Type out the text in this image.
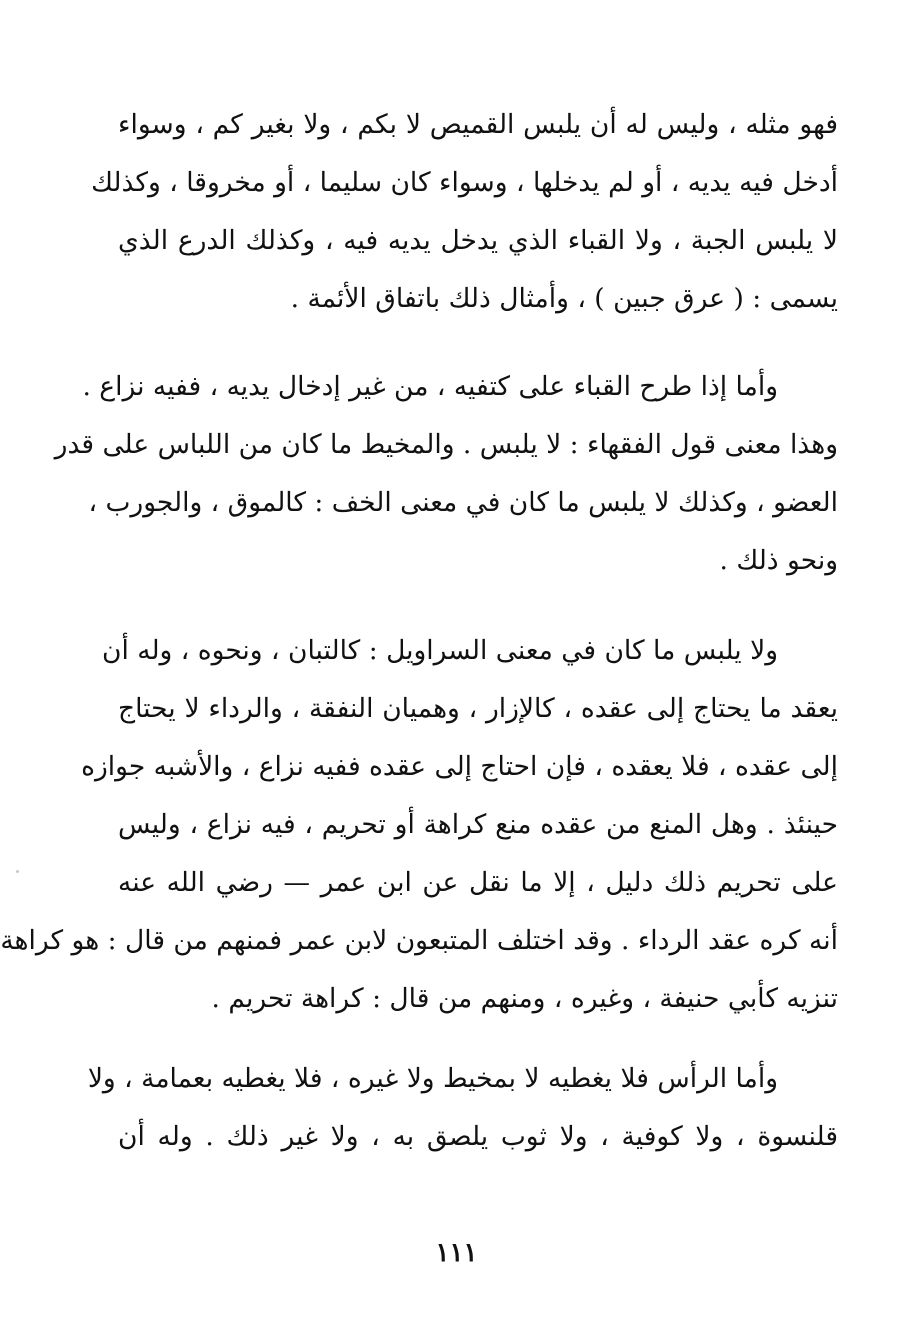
فهو مثله ، وليس له أن يلبس القميص لا بكم ، ولا بغير كم ، وسواء
أدخل فيه يديه ، أو لم يدخلها ، وسواء كان سليما ، أو مخروقا ، وكذلك
لا يلبس الجبة ، ولا القباء الذي يدخل يديه فيه ، وكذلك الدرع الذي
يسمى : ( عرق جبين ) ، وأمثال ذلك باتفاق الأئمة .
وأما إذا طرح القباء على كتفيه ، من غير إدخال يديه ، ففيه نزاع .
وهذا معنى قول الفقهاء : لا يلبس . والمخيط ما كان من اللباس على قدر
العضو ، وكذلك لا يلبس ما كان في معنى الخف : كالموق ، والجورب ،
ونحو ذلك .
ولا يلبس ما كان في معنى السراويل : كالتبان ، ونحوه ، وله أن
يعقد ما يحتاج إلى عقده ، كالإزار ، وهميان النفقة ، والرداء لا يحتاج
إلى عقده ، فلا يعقده ، فإن احتاج إلى عقده ففيه نزاع ، والأشبه جوازه
حينئذ . وهل المنع من عقده منع كراهة أو تحريم ، فيه نزاع ، وليس
على تحريم ذلك دليل ، إلا ما نقل عن ابن عمر — رضي الله عنه
أنه كره عقد الرداء . وقد اختلف المتبعون لابن عمر فمنهم من قال : هو كراهة
تنزيه كأبي حنيفة ، وغيره ، ومنهم من قال : كراهة تحريم .
وأما الرأس فلا يغطيه لا بمخيط ولا غيره ، فلا يغطيه بعمامة ، ولا
قلنسوة ، ولا كوفية ، ولا ثوب يلصق به ، ولا غير ذلك . وله أن
١١١
